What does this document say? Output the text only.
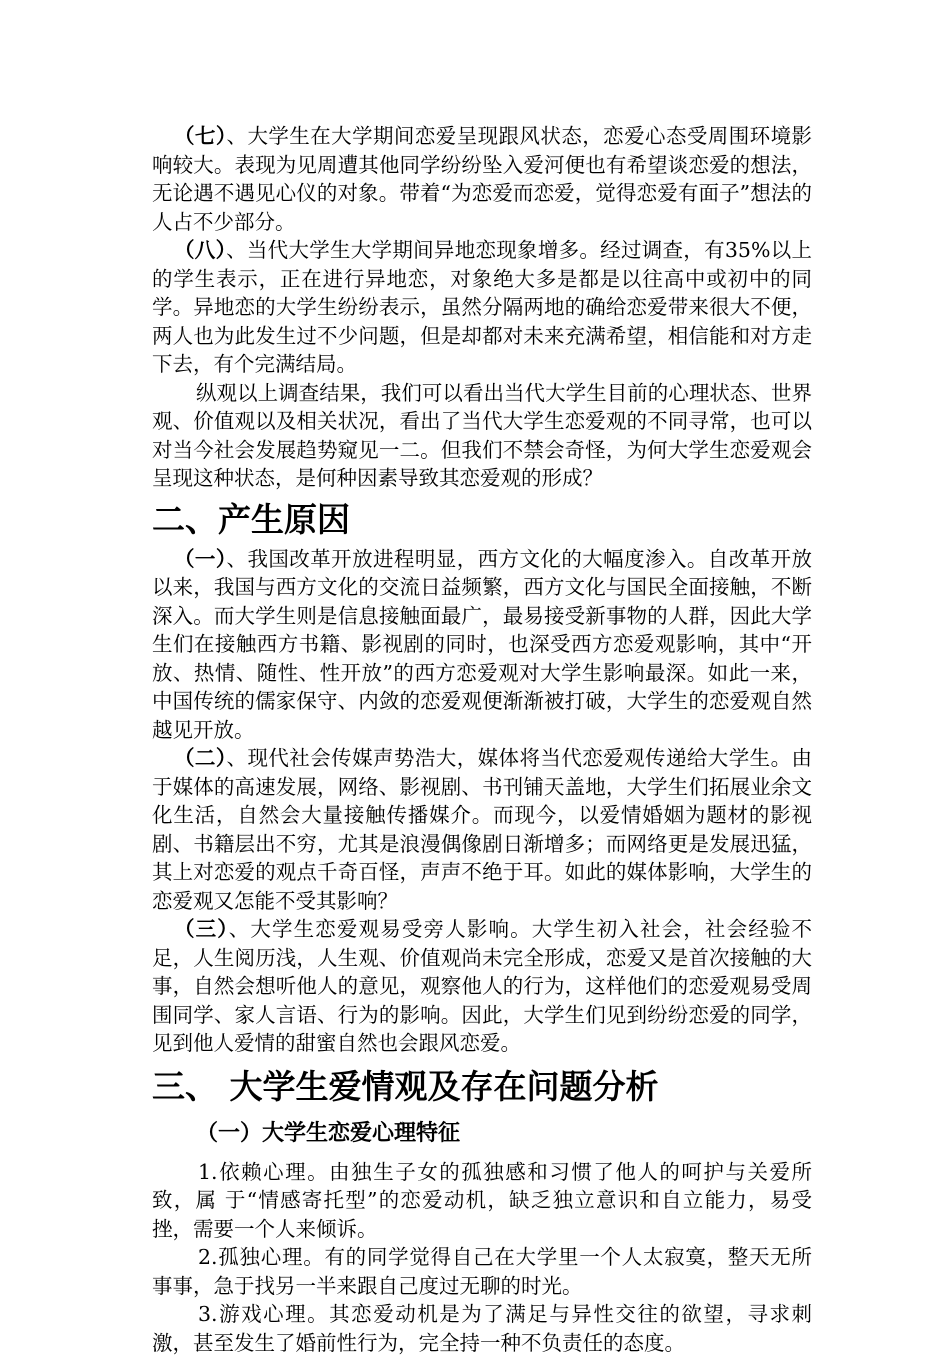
（七）、大学生在大学期间恋爱呈现跟风状态，恋爱心态受周围环境影响较大。表现为见周遭其他同学纷纷坠入爱河便也有希望谈恋爱的想法，无论遇不遇见心仪的对象。带着“为恋爱而恋爱，觉得恋爱有面子”想法的人占不少部分。

（八）、当代大学生大学期间异地恋现象增多。经过调查，有35%以上的学生表示，正在进行异地恋，对象绝大多是都是以往高中或初中的同学。异地恋的大学生纷纷表示，虽然分隔两地的确给恋爱带来很大不便，两人也为此发生过不少问题，但是却都对未来充满希望，相信能和对方走下去，有个完满结局。

纵观以上调查结果，我们可以看出当代大学生目前的心理状态、世界观、价值观以及相关状况，看出了当代大学生恋爱观的不同寻常，也可以对当今社会发展趋势窥见一二。但我们不禁会奇怪，为何大学生恋爱观会呈现这种状态，是何种因素导致其恋爱观的形成？

二、产生原因

（一）、我国改革开放进程明显，西方文化的大幅度渗入。自改革开放以来，我国与西方文化的交流日益频繁，西方文化与国民全面接触，不断深入。而大学生则是信息接触面最广，最易接受新事物的人群，因此大学生们在接触西方书籍、影视剧的同时，也深受西方恋爱观影响，其中“开放、热情、随性、性开放”的西方恋爱观对大学生影响最深。如此一来，中国传统的儒家保守、内敛的恋爱观便渐渐被打破，大学生的恋爱观自然越见开放。

（二）、现代社会传媒声势浩大，媒体将当代恋爱观传递给大学生。由于媒体的高速发展，网络、影视剧、书刊铺天盖地，大学生们拓展业余文化生活，自然会大量接触传播媒介。而现今，以爱情婚姻为题材的影视剧、书籍层出不穷，尤其是浪漫偶像剧日渐增多；而网络更是发展迅猛，其上对恋爱的观点千奇百怪，声声不绝于耳。如此的媒体影响，大学生的恋爱观又怎能不受其影响？

（三）、大学生恋爱观易受旁人影响。大学生初入社会，社会经验不足，人生阅历浅，人生观、价值观尚未完全形成，恋爱又是首次接触的大事，自然会想听他人的意见，观察他人的行为，这样他们的恋爱观易受周围同学、家人言语、行为的影响。因此，大学生们见到纷纷恋爱的同学，见到他人爱情的甜蜜自然也会跟风恋爱。

三、 大学生爱情观及存在问题分析
（一）大学生恋爱心理特征

1.依赖心理。由独生子女的孤独感和习惯了他人的呵护与关爱所致，属 于“情感寄托型”的恋爱动机，缺乏独立意识和自立能力，易受挫，需要一个人来倾诉。

2.孤独心理。有的同学觉得自己在大学里一个人太寂寞，整天无所事事，急于找另一半来跟自己度过无聊的时光。

3.游戏心理。其恋爱动机是为了满足与异性交往的欲望，寻求刺激，甚至发生了婚前性行为，完全持一种不负责任的态度。
